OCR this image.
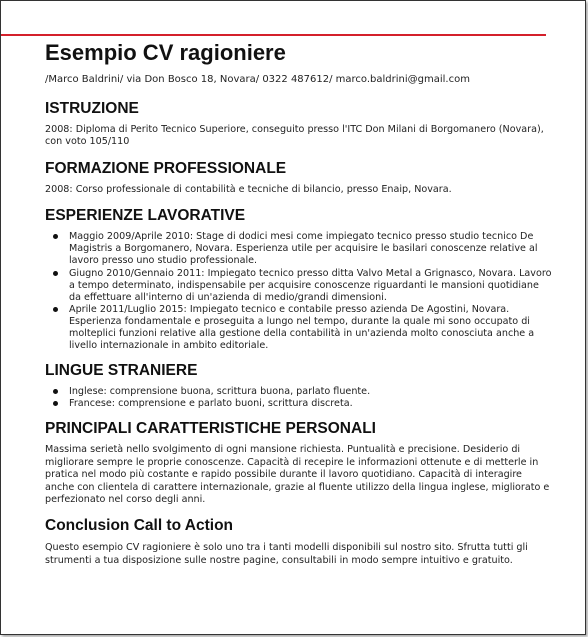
Esempio CV ragioniere

/Marco Baldrini/ via Don Bosco 18, Novara/ 0322 487612/ marco.baldrini@gmail.com

ISTRUZIONE

2008: Diploma di Perito Tecnico Superiore, conseguito presso l'ITC Don Milani di Borgomanero (Novara), con voto 105/110

FORMAZIONE PROFESSIONALE

2008: Corso professionale di contabilità e tecniche di bilancio, presso Enaip, Novara.

ESPERIENZE LAVORATIVE
Maggio 2009/Aprile 2010: Stage di dodici mesi come impiegato tecnico presso studio tecnico De Magistris a Borgomanero, Novara. Esperienza utile per acquisire le basilari conoscenze relative al lavoro presso uno studio professionale.
Giugno 2010/Gennaio 2011: Impiegato tecnico presso ditta Valvo Metal a Grignasco, Novara. Lavoro a tempo determinato, indispensabile per acquisire conoscenze riguardanti le mansioni quotidiane da effettuare all'interno di un'azienda di medio/grandi dimensioni.
Aprile 2011/Luglio 2015: Impiegato tecnico e contabile presso azienda De Agostini, Novara. Esperienza fondamentale e proseguita a lungo nel tempo, durante la quale mi sono occupato di molteplici funzioni relative alla gestione della contabilità in un'azienda molto conosciuta anche a livello internazionale in ambito editoriale.
LINGUE STRANIERE
Inglese: comprensione buona, scrittura buona, parlato fluente.
Francese: comprensione e parlato buoni, scrittura discreta.
PRINCIPALI CARATTERISTICHE PERSONALI

Massima serietà nello svolgimento di ogni mansione richiesta. Puntualità e precisione. Desiderio di migliorare sempre le proprie conoscenze. Capacità di recepire le informazioni ottenute e di metterle in pratica nel modo più costante e rapido possibile durante il lavoro quotidiano. Capacità di interagire anche con clientela di carattere internazionale, grazie al fluente utilizzo della lingua inglese, migliorato e perfezionato nel corso degli anni.

Conclusion Call to Action

Questo esempio CV ragioniere è solo uno tra i tanti modelli disponibili sul nostro sito. Sfrutta tutti gli strumenti a tua disposizione sulle nostre pagine, consultabili in modo sempre intuitivo e gratuito.
